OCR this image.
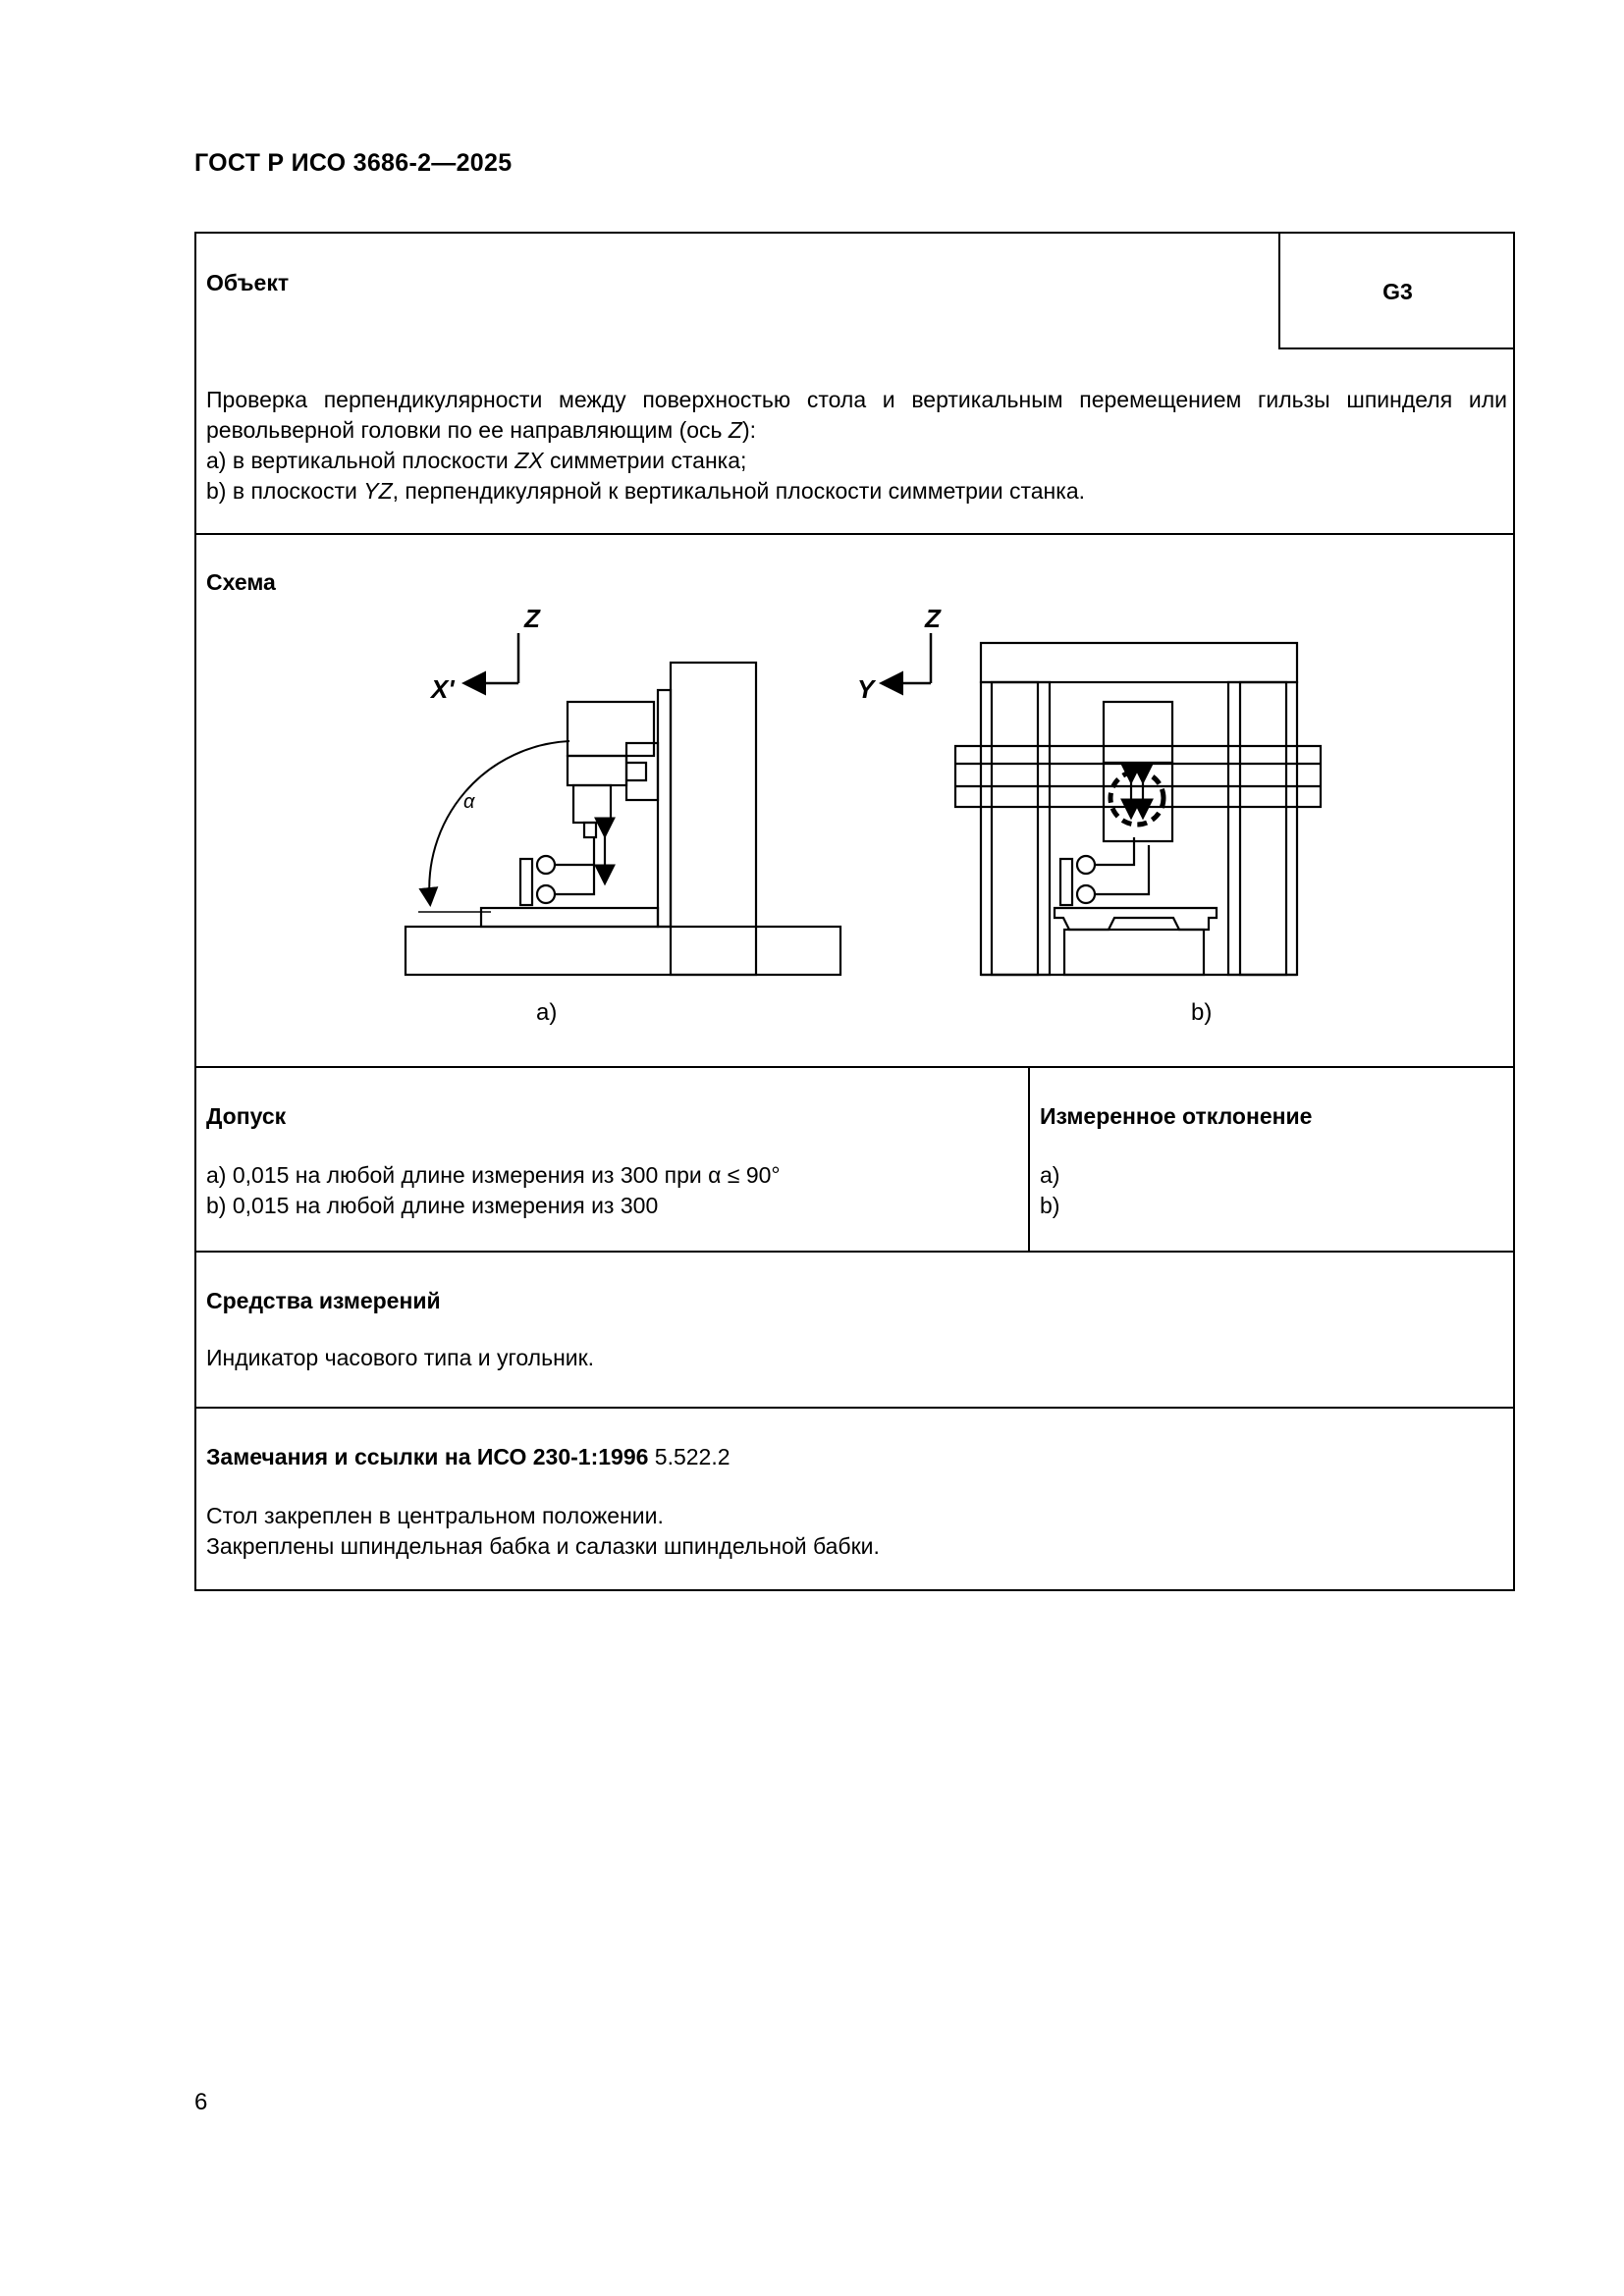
ГОСТ Р ИСО 3686-2—2025
Объект	G3
Проверка перпендикулярности между поверхностью стола и вертикальным перемещением гильзы шпинделя или револьверной головки по ее направляющим (ось Z):
a) в вертикальной плоскости ZX симметрии станка;
b) в плоскости YZ, перпендикулярной к вертикальной плоскости симметрии станка.
Схема
Z
X'
α
a)
Z
Y
b)
Допуск
a) 0,015 на любой длине измерения из 300 при α ≤ 90°
b) 0,015 на любой длине измерения из 300
Измеренное отклонение
a)
b)
Средства измерений
Индикатор часового типа и угольник.
Замечания и ссылки на ИСО 230-1:1996 5.522.2
Стол закреплен в центральном положении.
Закреплены шпиндельная бабка и салазки шпиндельной бабки.
6
